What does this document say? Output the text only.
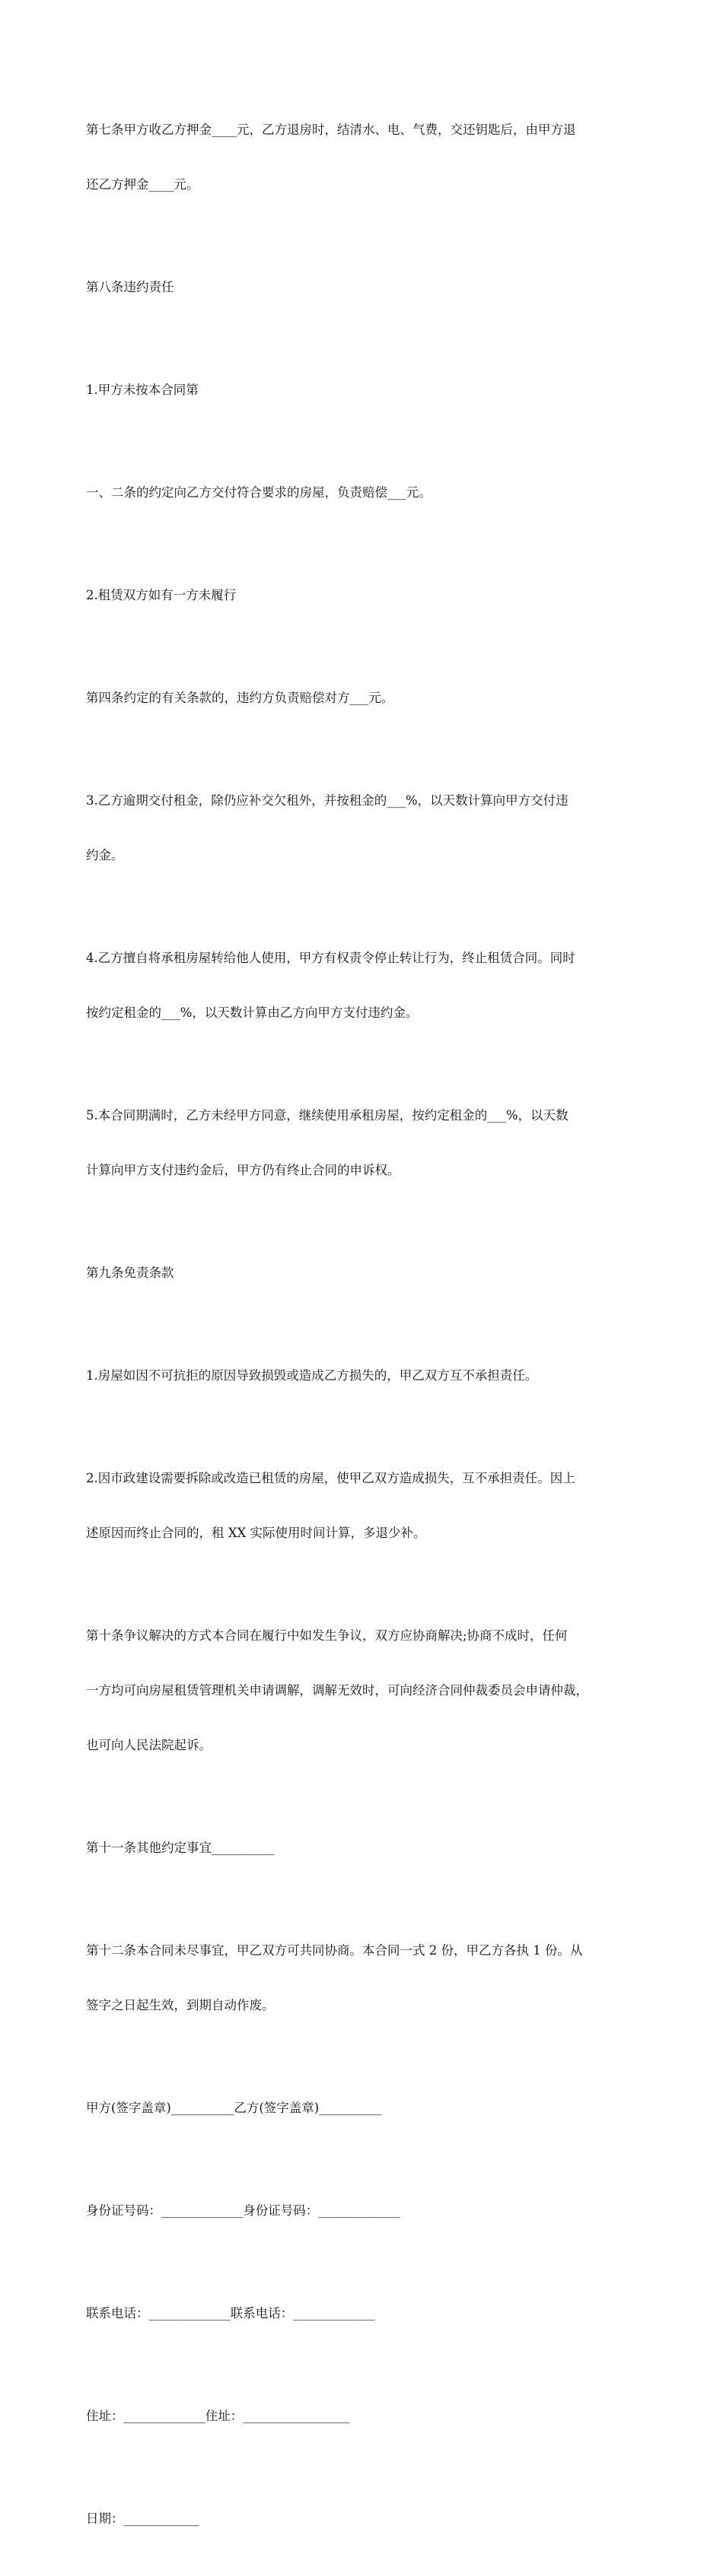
第七条甲方收乙方押金____元，乙方退房时，结清水、电、气费，交还钥匙后，由甲方退

还乙方押金____元。

第八条违约责任

1.甲方未按本合同第

一、二条的约定向乙方交付符合要求的房屋，负责赔偿___元。

2.租赁双方如有一方未履行

第四条约定的有关条款的，违约方负责赔偿对方___元。

3.乙方逾期交付租金，除仍应补交欠租外，并按租金的___%，以天数计算向甲方交付违

约金。

4.乙方擅自将承租房屋转给他人使用，甲方有权责令停止转让行为，终止租赁合同。同时

按约定租金的___%，以天数计算由乙方向甲方支付违约金。

5.本合同期满时，乙方未经甲方同意，继续使用承租房屋，按约定租金的___%，以天数

计算向甲方支付违约金后，甲方仍有终止合同的申诉权。

第九条免责条款

1.房屋如因不可抗拒的原因导致损毁或造成乙方损失的，甲乙双方互不承担责任。

2.因市政建设需要拆除或改造已租赁的房屋，使甲乙双方造成损失，互不承担责任。因上

述原因而终止合同的，租 XX 实际使用时间计算，多退少补。

第十条争议解决的方式本合同在履行中如发生争议，双方应协商解决;协商不成时，任何

一方均可向房屋租赁管理机关申请调解，调解无效时，可向经济合同仲裁委员会申请仲裁，

也可向人民法院起诉。

第十一条其他约定事宜__________

第十二条本合同未尽事宜，甲乙双方可共同协商。本合同一式 2 份，甲乙方各执 1 份。从

签字之日起生效，到期自动作废。

甲方(签字盖章)__________乙方(签字盖章)__________

身份证号码：_____________身份证号码：_____________

联系电话：_____________联系电话：_____________

住址：_____________住址：_________________

日期：____________
